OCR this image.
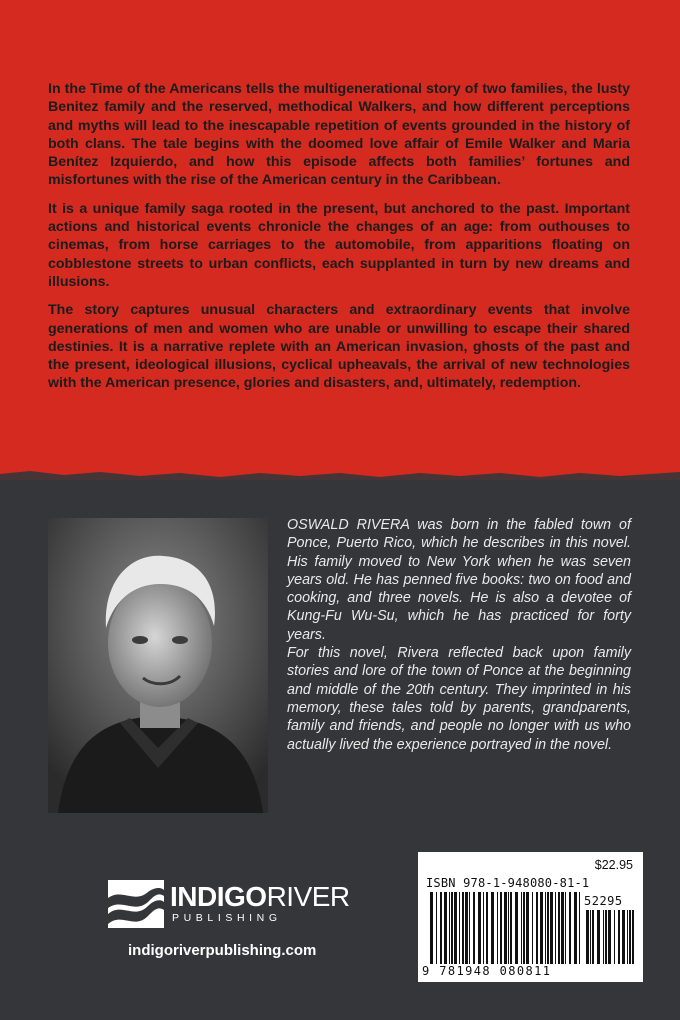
In the Time of the Americans tells the multigenerational story of two families, the lusty Benitez family and the reserved, methodical Walkers, and how different perceptions and myths will lead to the inescapable repetition of events grounded in the history of both clans. The tale begins with the doomed love affair of Emile Walker and Maria Benítez Izquierdo, and how this episode affects both families’ fortunes and misfortunes with the rise of the American century in the Caribbean.

It is a unique family saga rooted in the present, but anchored to the past. Important actions and historical events chronicle the changes of an age: from outhouses to cinemas, from horse carriages to the automobile, from apparitions floating on cobblestone streets to urban conflicts, each supplanted in turn by new dreams and illusions.

The story captures unusual characters and extraordinary events that involve generations of men and women who are unable or unwilling to escape their shared destinies. It is a narrative replete with an American invasion, ghosts of the past and the present, ideological illusions, cyclical upheavals, the arrival of new technologies with the American presence, glories and disasters, and, ultimately, redemption.

OSWALD RIVERA was born in the fabled town of Ponce, Puerto Rico, which he describes in this novel. His family moved to New York when he was seven years old. He has penned five books: two on food and cooking, and three novels. He is also a devotee of Kung-Fu Wu-Su, which he has practiced for forty years.

For this novel, Rivera reflected back upon family stories and lore of the town of Ponce at the beginning and middle of the 20th century. They imprinted in his memory, these tales told by parents, grandparents, family and friends, and people no longer with us who actually lived the experience portrayed in the novel.

INDIGORIVER
PUBLISHING
indigoriverpublishing.com
$22.95
ISBN 978-1-948080-81-1
52295
9 781948 080811
